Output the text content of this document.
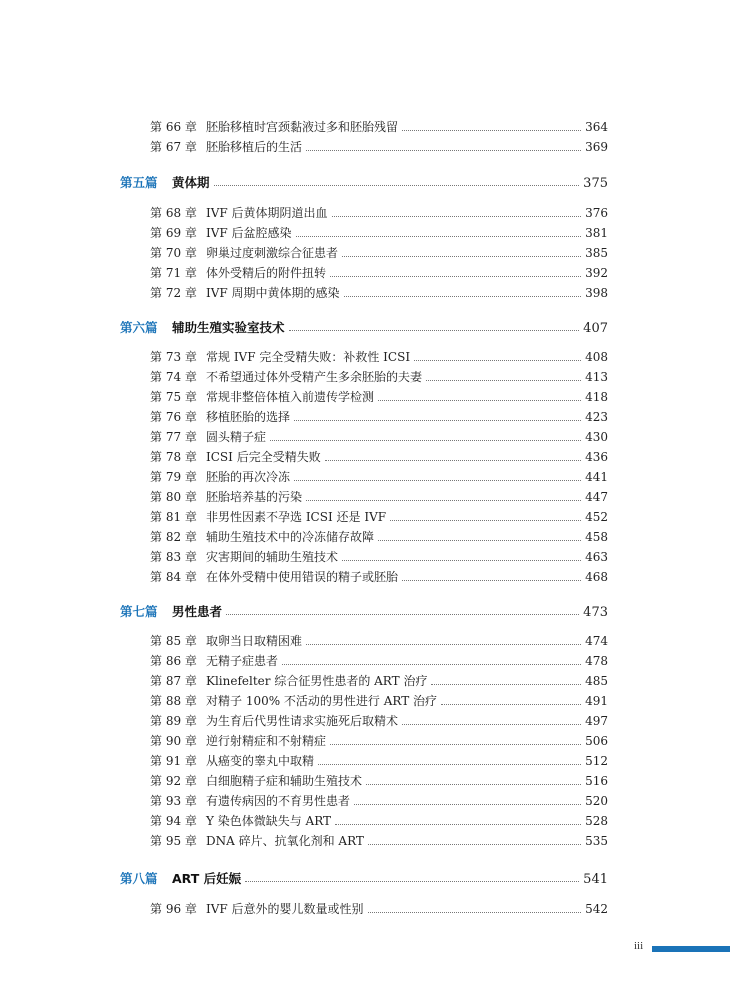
第 66 章 胚胎移植时宫颈黏液过多和胚胎残留	364
第 67 章 胚胎移植后的生活	369
第五篇	黄体期	375
第 68 章 IVF 后黄体期阴道出血	376
第 69 章 IVF 后盆腔感染	381
第 70 章 卵巢过度刺激综合征患者	385
第 71 章 体外受精后的附件扭转	392
第 72 章 IVF 周期中黄体期的感染	398
第六篇	辅助生殖实验室技术	407
第 73 章 常规 IVF 完全受精失败：补救性 ICSI	408
第 74 章 不希望通过体外受精产生多余胚胎的夫妻	413
第 75 章 常规非整倍体植入前遗传学检测	418
第 76 章 移植胚胎的选择	423
第 77 章 圆头精子症	430
第 78 章 ICSI 后完全受精失败	436
第 79 章 胚胎的再次冷冻	441
第 80 章 胚胎培养基的污染	447
第 81 章 非男性因素不孕选 ICSI 还是 IVF	452
第 82 章 辅助生殖技术中的冷冻储存故障	458
第 83 章 灾害期间的辅助生殖技术	463
第 84 章 在体外受精中使用错误的精子或胚胎	468
第七篇	男性患者	473
第 85 章 取卵当日取精困难	474
第 86 章 无精子症患者	478
第 87 章 Klinefelter 综合征男性患者的 ART 治疗	485
第 88 章 对精子 100% 不活动的男性进行 ART 治疗	491
第 89 章 为生育后代男性请求实施死后取精术	497
第 90 章 逆行射精症和不射精症	506
第 91 章 从癌变的睾丸中取精	512
第 92 章 白细胞精子症和辅助生殖技术	516
第 93 章 有遗传病因的不育男性患者	520
第 94 章 Y 染色体微缺失与 ART	528
第 95 章 DNA 碎片、抗氧化剂和 ART	535
第八篇	ART 后妊娠	541
第 96 章 IVF 后意外的婴儿数量或性别	542
iii
